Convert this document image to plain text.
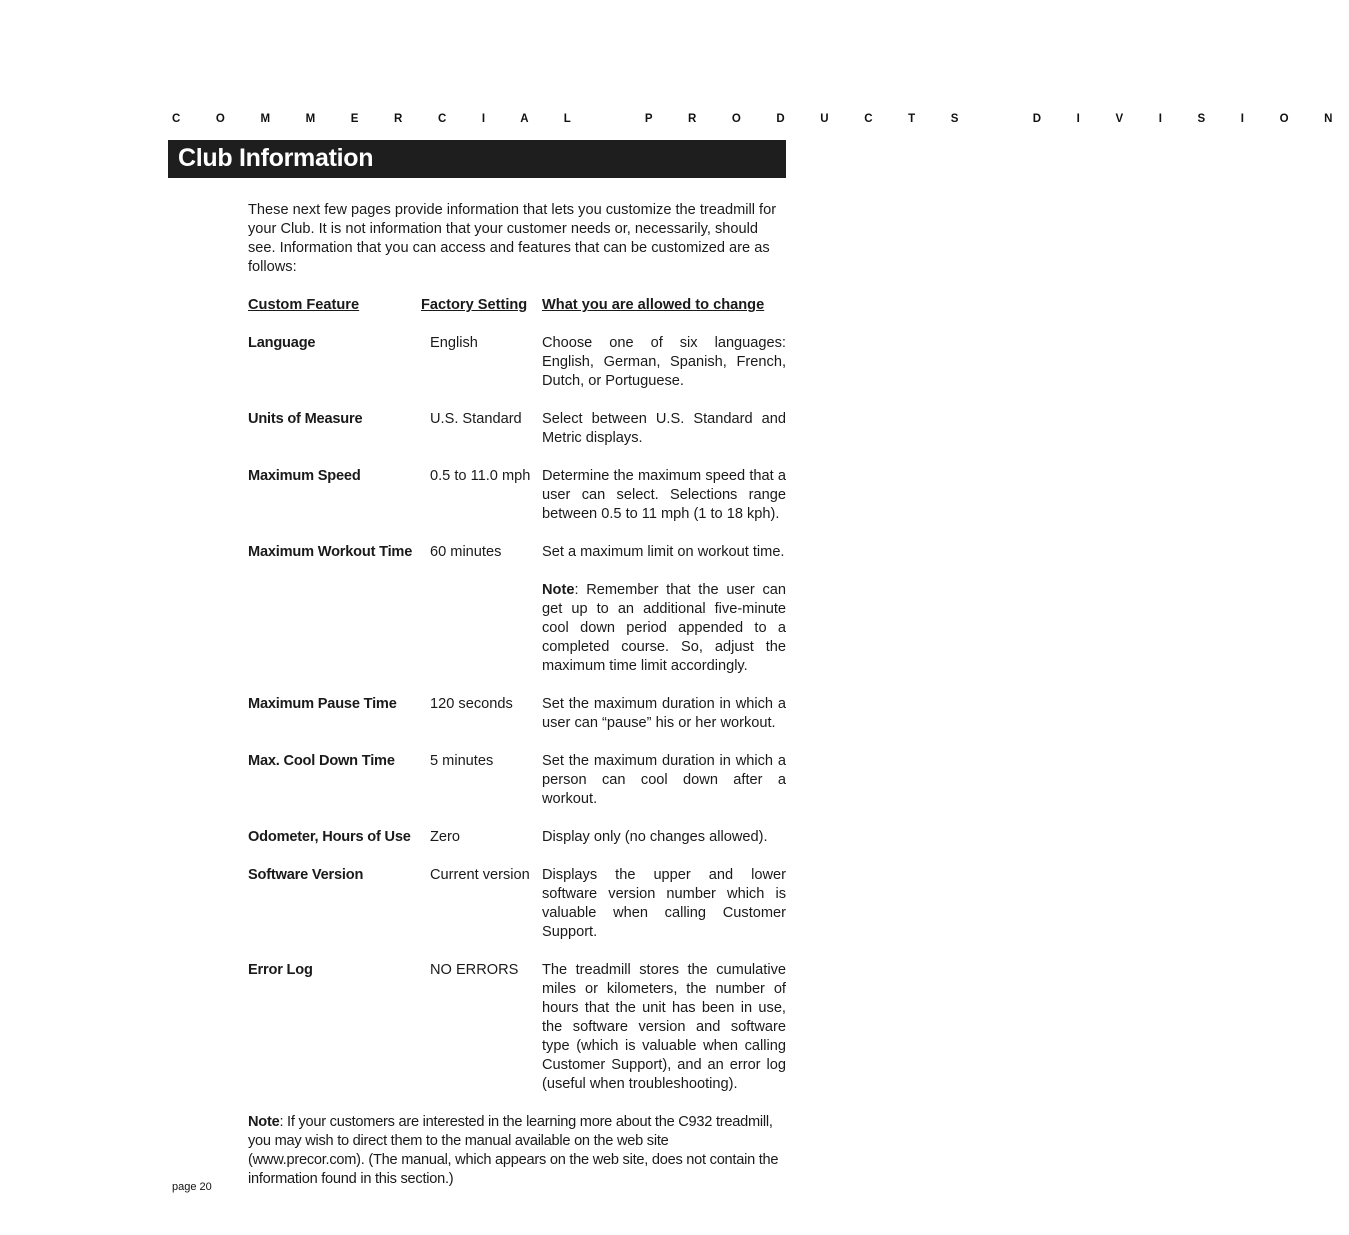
C O M M E R C I A L   P R O D U C T S   D I V I S I O N
Club Information

These next few pages provide information that lets you customize the treadmill for your Club. It is not information that your customer needs or, necessarily, should see. Information that you can access and features that can be customized are as follows:

Custom Feature	Factory Setting	What you are allowed to change
Language	English	Choose one of six languages: English, German, Spanish, French, Dutch, or Portuguese.
Units of Measure	U.S. Standard	Select between U.S. Standard and Metric displays.
Maximum Speed	0.5 to 11.0 mph	Determine the maximum speed that a user can select. Selections range between 0.5 to 11 mph (1 to 18 kph).
Maximum Workout Time	60 minutes	Set a maximum limit on workout time.
Note: Remember that the user can get up to an additional five-minute cool down period appended to a completed course. So, adjust the maximum time limit accordingly.

Maximum Pause Time	120 seconds	Set the maximum duration in which a user can “pause” his or her workout.
Max. Cool Down Time	5 minutes	Set the maximum duration in which a person can cool down after a workout.
Odometer, Hours of Use	Zero	Display only (no changes allowed).
Software Version	Current version	Displays the upper and lower software version number which is valuable when calling Customer Support.
Error Log	NO ERRORS	The treadmill stores the cumulative miles or kilometers, the number of hours that the unit has been in use, the software version and software type (which is valuable when calling Customer Support), and an error log (useful when troubleshooting).

Note: If your customers are interested in the learning more about the C932 treadmill, you may wish to direct them to the manual available on the web site (www.precor.com). (The manual, which appears on the web site, does not contain the information found in this section.)

page 20
